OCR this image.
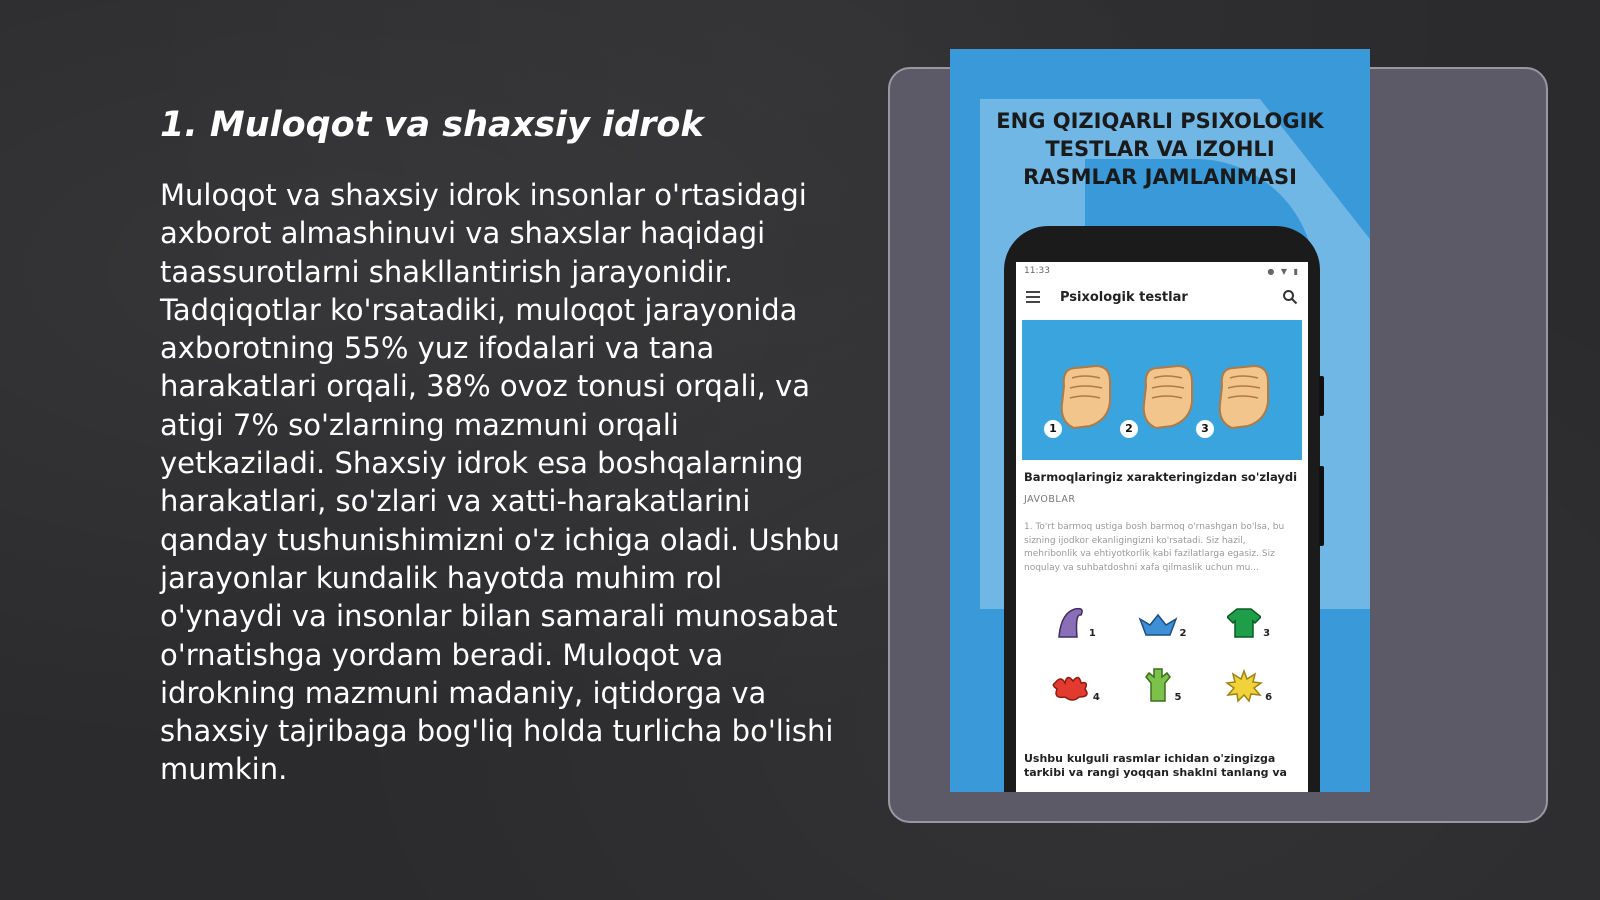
1. Muloqot va shaxsiy idrok

Muloqot va shaxsiy idrok insonlar o'rtasidagi axborot almashinuvi va shaxslar haqidagi taassurotlarni shakllantirish jarayonidir. Tadqiqotlar ko'rsatadiki, muloqot jarayonida axborotning 55% yuz ifodalari va tana harakatlari orqali, 38% ovoz tonusi orqali, va atigi 7% so'zlarning mazmuni orqali yetkaziladi. Shaxsiy idrok esa boshqalarning harakatlari, so'zlari va xatti-harakatlarini qanday tushunishimizni o'z ichiga oladi. Ushbu jarayonlar kundalik hayotda muhim rol o'ynaydi va insonlar bilan samarali munosabat o'rnatishga yordam beradi. Muloqot va idrokning mazmuni madaniy, iqtidorga va shaxsiy tajribaga bog'liq holda turlicha bo'lishi mumkin.

ENG QIZIQARLI PSIXOLOGIK
TESTLAR VA IZOHLI
RASMLAR JAMLANMASI
11:33	● ▼ ▮
Psixologik testlar
1	2	3
Barmoqlaringiz xarakteringizdan so'zlaydi
JAVOBLAR
1. To'rt barmoq ustiga bosh barmoq o'rnashgan bo'lsa, bu sizning ijodkor ekanligingizni ko'rsatadi. Siz hazil, mehribonlik va ehtiyotkorlik kabi fazilatlarga egasiz. Siz noqulay va suhbatdoshni xafa qilmaslik uchun mu...
1	2	3
4	5	6
Ushbu kulguli rasmlar ichidan o'zingizga tarkibi va rangi yoqqan shaklni tanlang va
